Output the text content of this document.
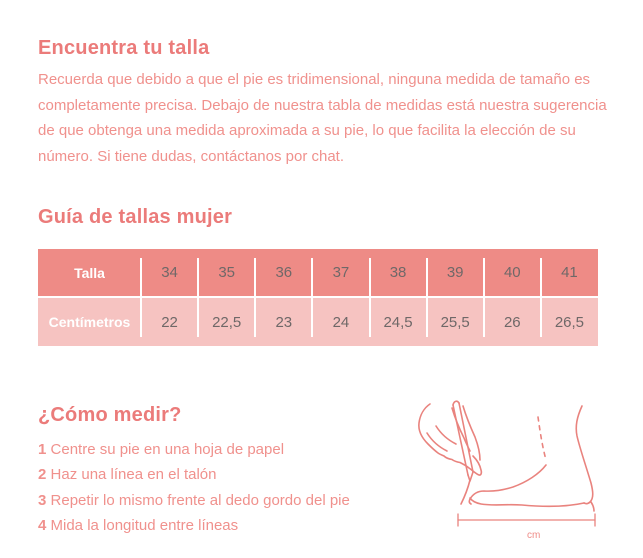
Encuentra tu talla

Recuerda que debido a que el pie es tridimensional, ninguna medida de tamaño es completamente precisa. Debajo de nuestra tabla de medidas está nuestra sugerencia de que obtenga una medida aproximada a su pie, lo que facilita la elección de su número. Si tiene dudas, contáctanos por chat.

Guía de tallas mujer
Talla	34	35	36	37	38	39	40	41
Centímetros	22	22,5	23	24	24,5	25,5	26	26,5
¿Cómo medir?
1 Centre su pie en una hoja de papel
2 Haz una línea en el talón
3 Repetir lo mismo frente al dedo gordo del pie
4 Mida la longitud entre líneas
cm
